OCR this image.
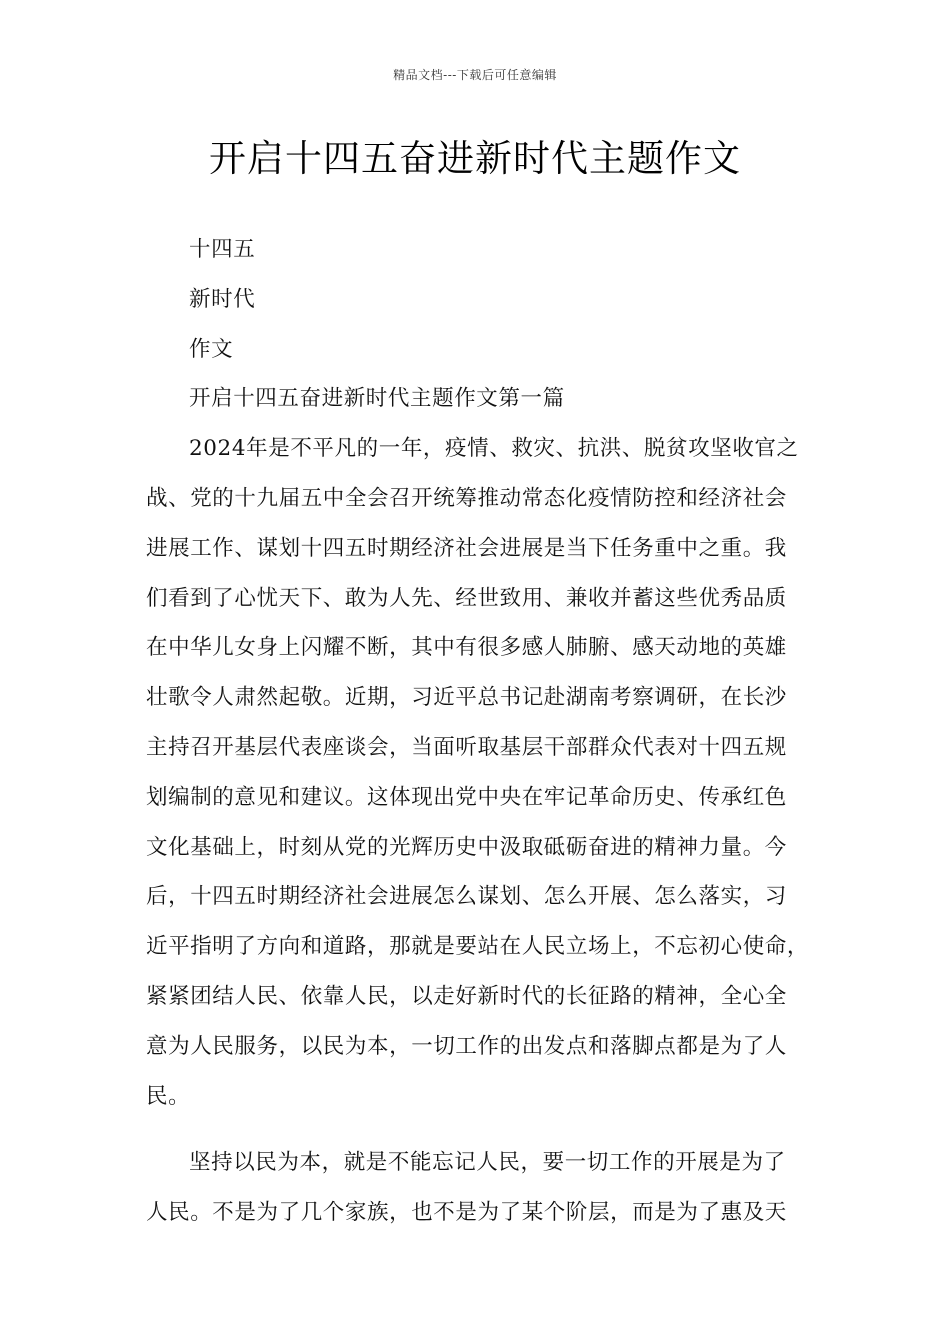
精品文档---下载后可任意编辑
开启十四五奋进新时代主题作文
十四五
新时代
作文
开启十四五奋进新时代主题作文第一篇
2024年是不平凡的一年，疫情、救灾、抗洪、脱贫攻坚收官之
战、党的十九届五中全会召开统筹推动常态化疫情防控和经济社会
进展工作、谋划十四五时期经济社会进展是当下任务重中之重。我
们看到了心忧天下、敢为人先、经世致用、兼收并蓄这些优秀品质
在中华儿女身上闪耀不断，其中有很多感人肺腑、感天动地的英雄
壮歌令人肃然起敬。近期，习近平总书记赴湖南考察调研，在长沙
主持召开基层代表座谈会，当面听取基层干部群众代表对十四五规
划编制的意见和建议。这体现出党中央在牢记革命历史、传承红色
文化基础上，时刻从党的光辉历史中汲取砥砺奋进的精神力量。今
后，十四五时期经济社会进展怎么谋划、怎么开展、怎么落实，习
近平指明了方向和道路，那就是要站在人民立场上，不忘初心使命，
紧紧团结人民、依靠人民，以走好新时代的长征路的精神，全心全
意为人民服务，以民为本，一切工作的出发点和落脚点都是为了人
民。
坚持以民为本，就是不能忘记人民，要一切工作的开展是为了
人民。不是为了几个家族，也不是为了某个阶层，而是为了惠及天
